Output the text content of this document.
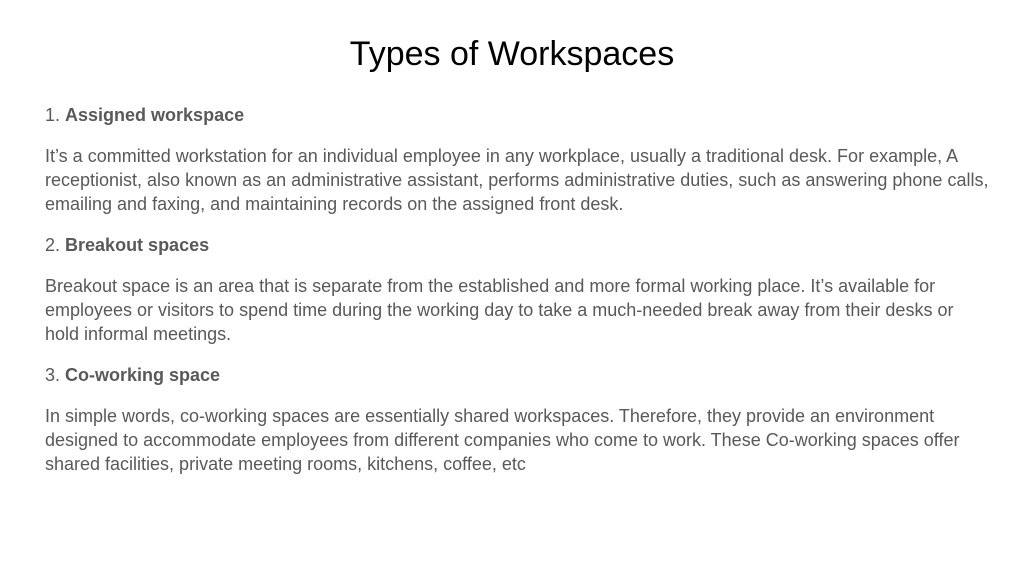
Types of Workspaces

1. Assigned workspace

It’s a committed workstation for an individual employee in any workplace, usually a traditional desk. For example, A receptionist, also known as an administrative assistant, performs administrative duties, such as answering phone calls, emailing and faxing, and maintaining records on the assigned front desk.

2. Breakout spaces

Breakout space is an area that is separate from the established and more formal working place. It’s available for employees or visitors to spend time during the working day to take a much-needed break away from their desks or hold informal meetings.

3. Co-working space

In simple words, co-working spaces are essentially shared workspaces. Therefore, they provide an environment designed to accommodate employees from different companies who come to work. These Co-working spaces offer shared facilities, private meeting rooms, kitchens, coffee, etc
